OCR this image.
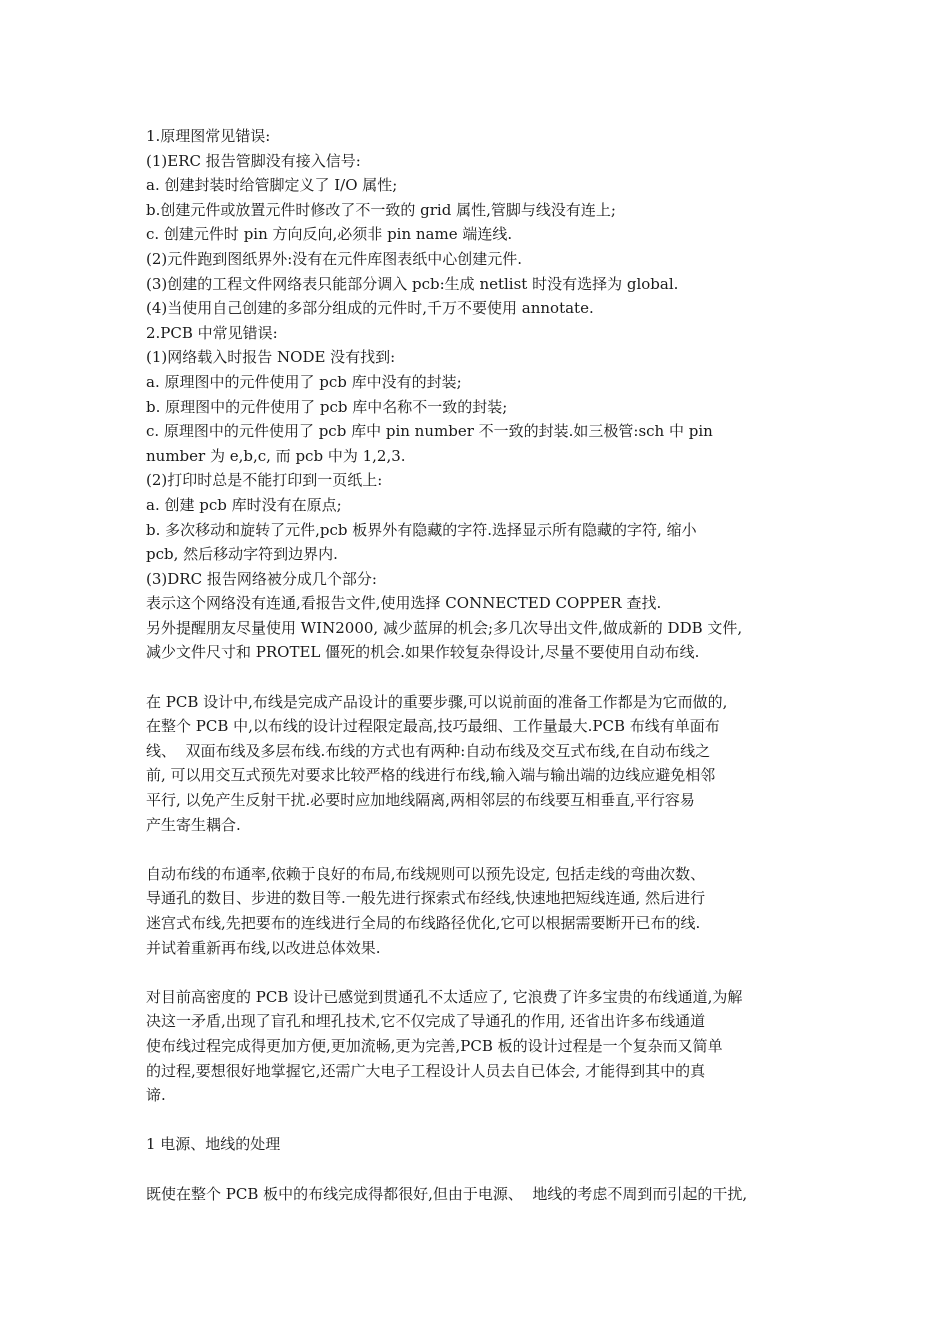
1.原理图常见错误:
(1)ERC 报告管脚没有接入信号:
a. 创建封装时给管脚定义了 I/O 属性;
b.创建元件或放置元件时修改了不一致的 grid 属性,管脚与线没有连上;
c. 创建元件时 pin 方向反向,必须非 pin name 端连线.
(2)元件跑到图纸界外:没有在元件库图表纸中心创建元件.
(3)创建的工程文件网络表只能部分调入 pcb:生成 netlist 时没有选择为 global.
(4)当使用自己创建的多部分组成的元件时,千万不要使用 annotate.
2.PCB 中常见错误:
(1)网络载入时报告 NODE 没有找到:
a. 原理图中的元件使用了 pcb 库中没有的封装;
b. 原理图中的元件使用了 pcb 库中名称不一致的封装;
c. 原理图中的元件使用了 pcb 库中 pin number 不一致的封装.如三极管:sch 中 pin
number 为 e,b,c, 而 pcb 中为 1,2,3.
(2)打印时总是不能打印到一页纸上:
a. 创建 pcb 库时没有在原点;
b. 多次移动和旋转了元件,pcb 板界外有隐藏的字符.选择显示所有隐藏的字符, 缩小
pcb, 然后移动字符到边界内.
(3)DRC 报告网络被分成几个部分:
表示这个网络没有连通,看报告文件,使用选择 CONNECTED COPPER 查找.
另外提醒朋友尽量使用 WIN2000, 减少蓝屏的机会;多几次导出文件,做成新的 DDB 文件,
减少文件尺寸和 PROTEL 僵死的机会.如果作较复杂得设计,尽量不要使用自动布线.
在 PCB 设计中,布线是完成产品设计的重要步骤,可以说前面的准备工作都是为它而做的,
在整个 PCB 中,以布线的设计过程限定最高,技巧最细、工作量最大.PCB 布线有单面布
线、  双面布线及多层布线.布线的方式也有两种:自动布线及交互式布线,在自动布线之
前, 可以用交互式预先对要求比较严格的线进行布线,输入端与输出端的边线应避免相邻
平行, 以免产生反射干扰.必要时应加地线隔离,两相邻层的布线要互相垂直,平行容易
产生寄生耦合.
自动布线的布通率,依赖于良好的布局,布线规则可以预先设定, 包括走线的弯曲次数、
导通孔的数目、步进的数目等.一般先进行探索式布经线,快速地把短线连通, 然后进行
迷宫式布线,先把要布的连线进行全局的布线路径优化,它可以根据需要断开已布的线.
并试着重新再布线,以改进总体效果.
对目前高密度的 PCB 设计已感觉到贯通孔不太适应了, 它浪费了许多宝贵的布线通道,为解
决这一矛盾,出现了盲孔和埋孔技术,它不仅完成了导通孔的作用, 还省出许多布线通道
使布线过程完成得更加方便,更加流畅,更为完善,PCB 板的设计过程是一个复杂而又简单
的过程,要想很好地掌握它,还需广大电子工程设计人员去自已体会, 才能得到其中的真
谛.
1 电源、地线的处理
既使在整个 PCB 板中的布线完成得都很好,但由于电源、  地线的考虑不周到而引起的干扰,
